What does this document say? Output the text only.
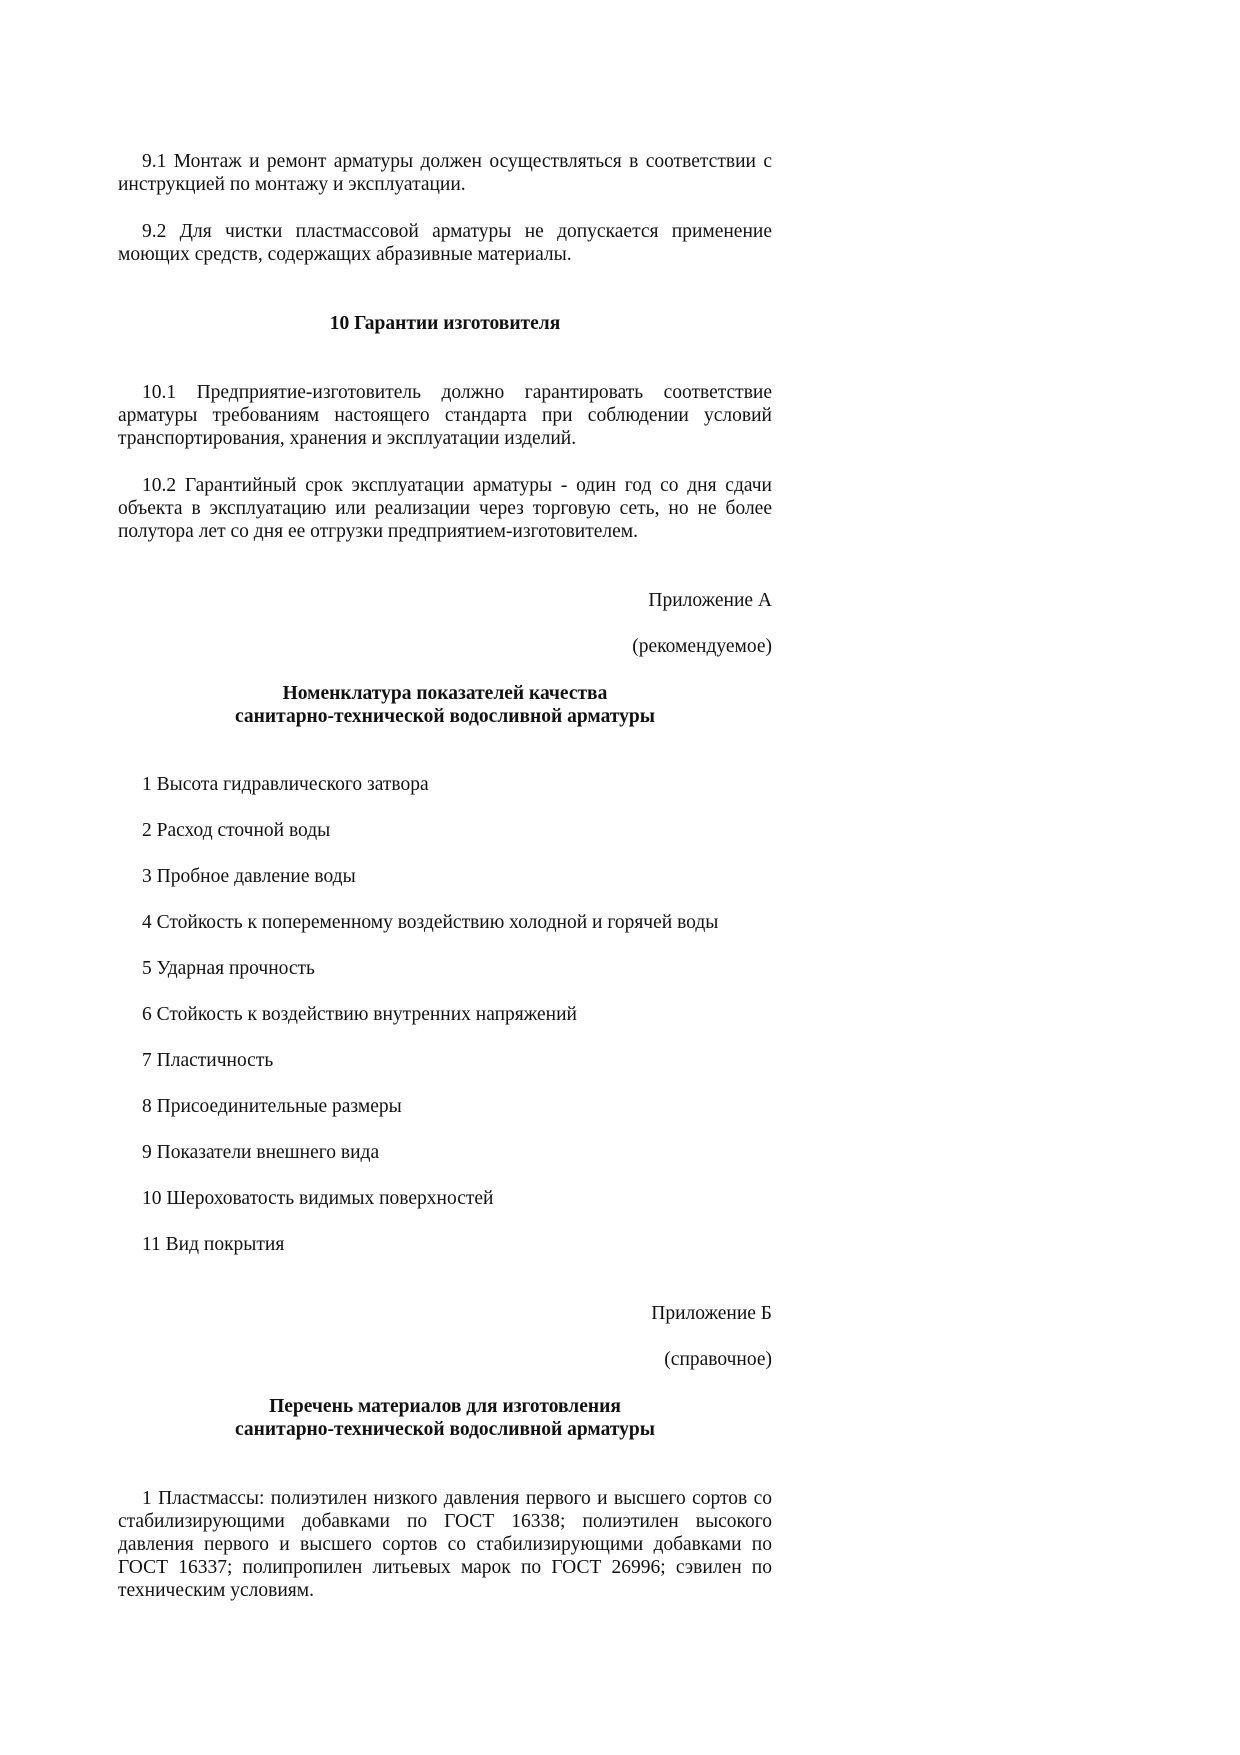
9.1 Монтаж и ремонт арматуры должен осуществляться в соответствии с инструкцией по монтажу и эксплуатации.

9.2 Для чистки пластмассовой арматуры не допускается применение моющих средств, содержащих абразивные материалы.

10 Гарантии изготовителя

10.1 Предприятие-изготовитель должно гарантировать соответствие арматуры требованиям настоящего стандарта при соблюдении условий транспортирования, хранения и эксплуатации изделий.

10.2 Гарантийный срок эксплуатации арматуры - один год со дня сдачи объекта в эксплуатацию или реализации через торговую сеть, но не более полутора лет со дня ее отгрузки предприятием-изготовителем.

Приложение А

(рекомендуемое)

Номенклатура показателей качества

санитарно-технической водосливной арматуры

1 Высота гидравлического затвора

2 Расход сточной воды

3 Пробное давление воды

4 Стойкость к попеременному воздействию холодной и горячей воды

5 Ударная прочность

6 Стойкость к воздействию внутренних напряжений

7 Пластичность

8 Присоединительные размеры

9 Показатели внешнего вида

10 Шероховатость видимых поверхностей

11 Вид покрытия

Приложение Б

(справочное)

Перечень материалов для изготовления

санитарно-технической водосливной арматуры

1 Пластмассы: полиэтилен низкого давления первого и высшего сортов со стабилизирующими добавками по ГОСТ 16338; полиэтилен высокого давления первого и высшего сортов со стабилизирующими добавками по ГОСТ 16337; полипропилен литьевых марок по ГОСТ 26996; сэвилен по техническим условиям.
